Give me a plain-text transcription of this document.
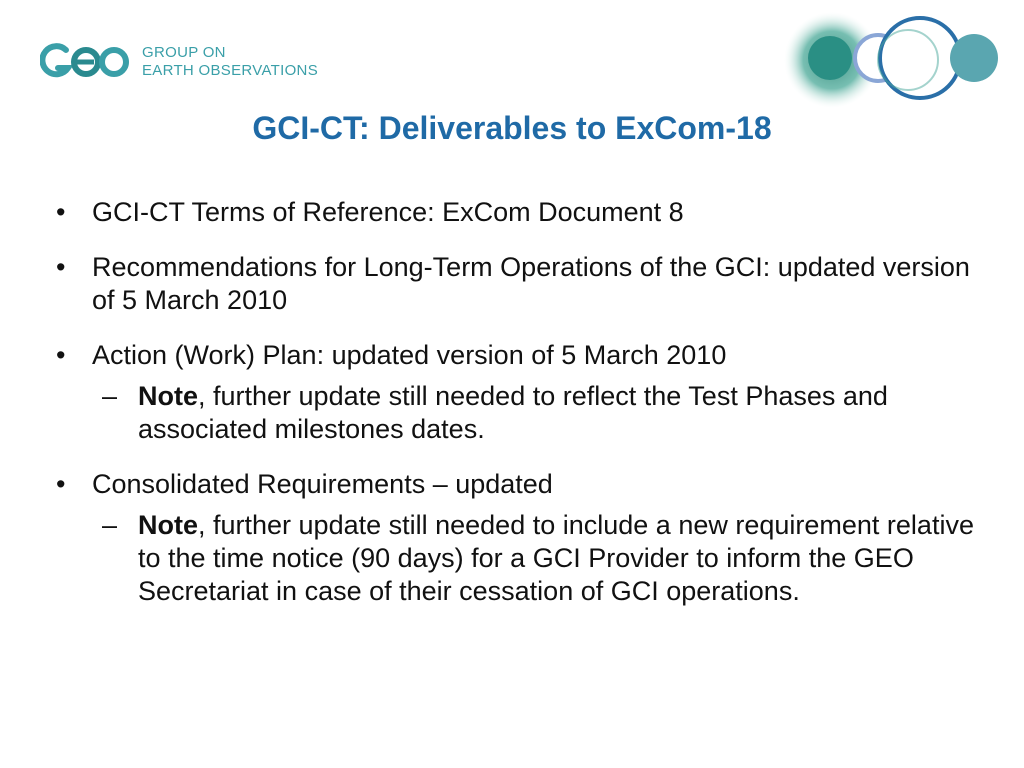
GROUP ON
EARTH OBSERVATIONS
GCI-CT: Deliverables to ExCom-18
• GCI-CT Terms of Reference: ExCom Document 8
• Recommendations for Long-Term Operations of the GCI: updated version of 5 March 2010
• Action (Work) Plan: updated version of 5 March 2010
– Note, further update still needed to reflect the Test Phases and associated milestones dates.
• Consolidated Requirements – updated
– Note, further update still needed to include a new requirement relative to the time notice (90 days) for a GCI Provider to inform the GEO Secretariat in case of their cessation of GCI operations.
